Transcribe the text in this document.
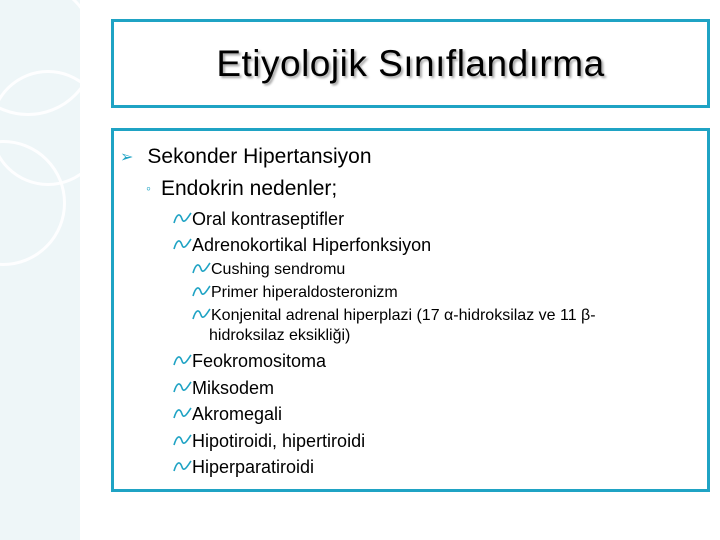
Etiyolojik Sınıflandırma
➢ Sekonder Hipertansiyon
◦ Endokrin nedenler;
Oral kontraseptifler
Adrenokortikal Hiperfonksiyon
Cushing sendromu
Primer hiperaldosteronizm
Konjenital adrenal hiperplazi (17 α-hidroksilaz ve 11 β-
hidroksilaz eksikliği)
Feokromositoma
Miksodem
Akromegali
Hipotiroidi, hipertiroidi
Hiperparatiroidi
